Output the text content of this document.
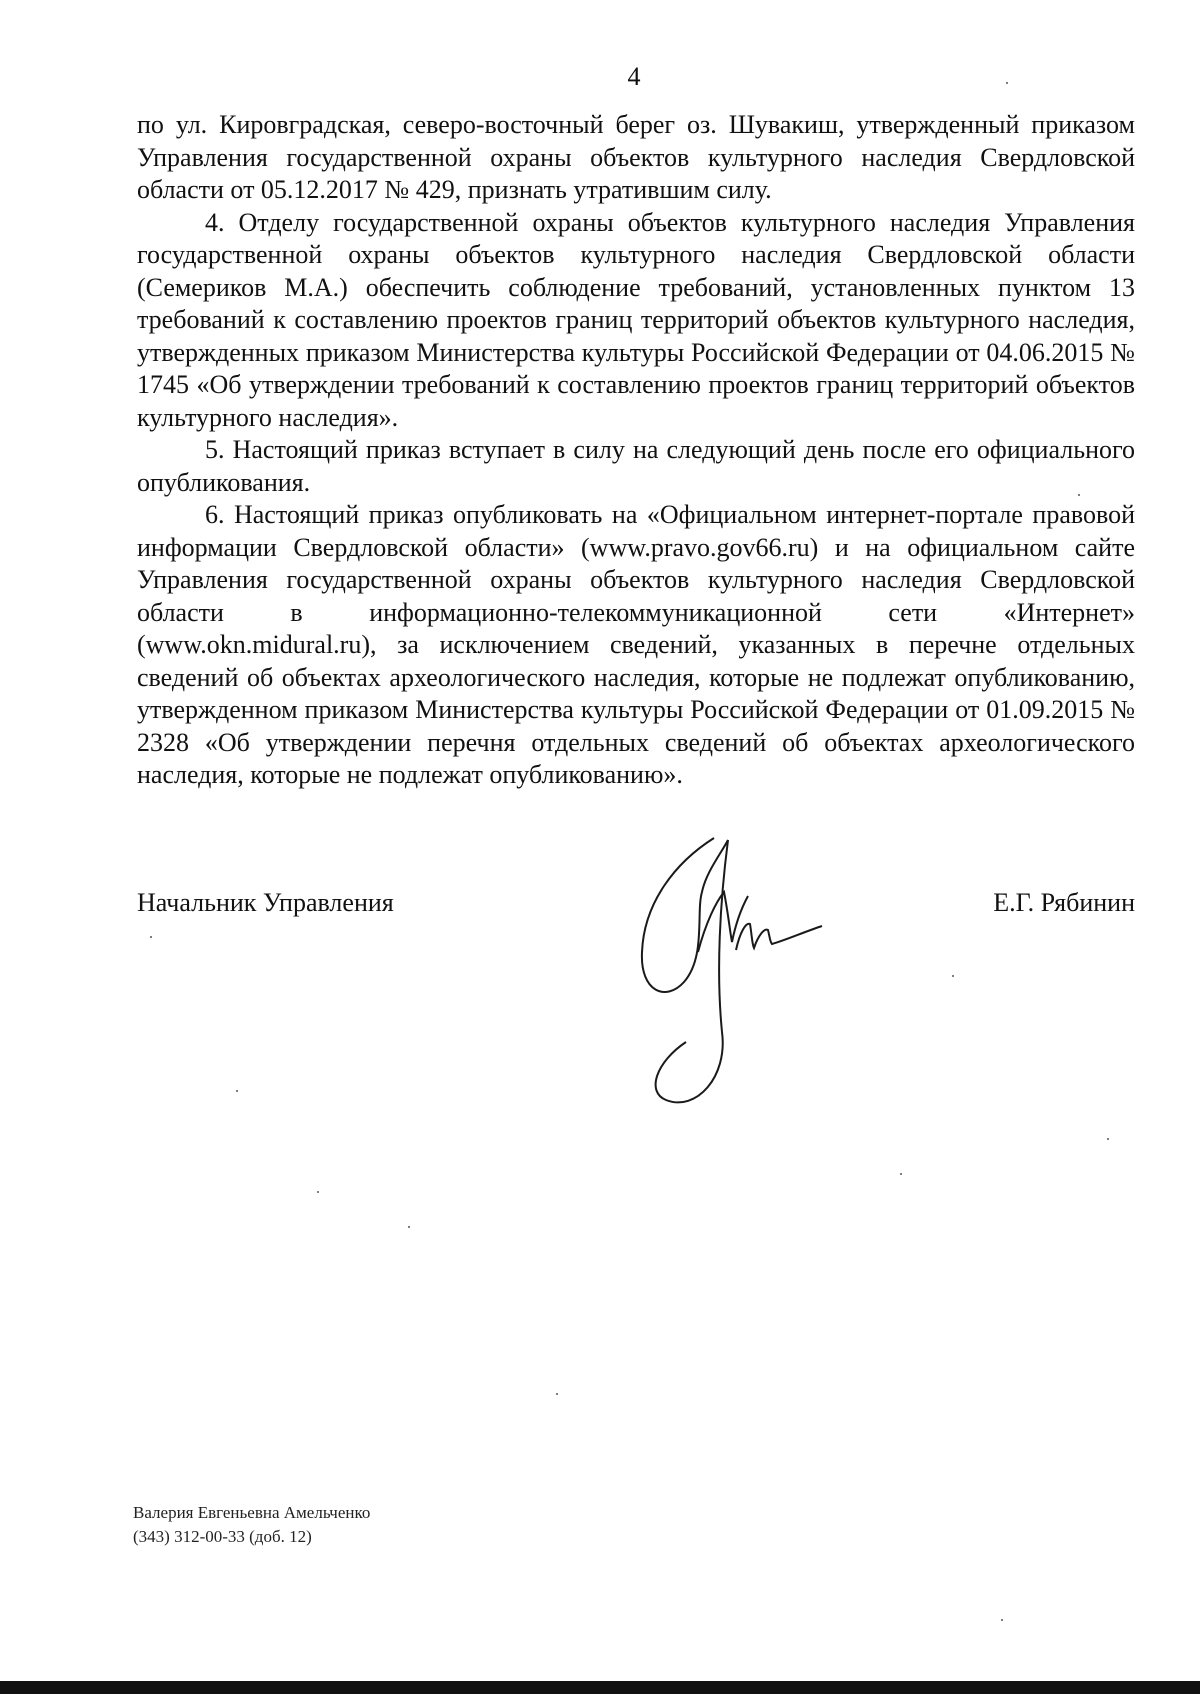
4

по ул. Кировградская, северо-восточный берег оз. Шувакиш, утвержденный приказом Управления государственной охраны объектов культурного наследия Свердловской области от 05.12.2017 № 429, признать утратившим силу.

4. Отделу государственной охраны объектов культурного наследия Управления государственной охраны объектов культурного наследия Свердловской области (Семериков М.А.) обеспечить соблюдение требований, установленных пунктом 13 требований к составлению проектов границ территорий объектов культурного наследия, утвержденных приказом Министерства культуры Российской Федерации от 04.06.2015 № 1745 «Об утверждении требований к составлению проектов границ территорий объектов культурного наследия».

5. Настоящий приказ вступает в силу на следующий день после его официального опубликования.

6. Настоящий приказ опубликовать на «Официальном интернет-портале правовой информации Свердловской области» (www.pravo.gov66.ru) и на официальном сайте Управления государственной охраны объектов культурного наследия Свердловской области в информационно-телекоммуникационной сети «Интернет» (www.okn.midural.ru), за исключением сведений, указанных в перечне отдельных сведений об объектах археологического наследия, которые не подлежат опубликованию, утвержденном приказом Министерства культуры Российской Федерации от 01.09.2015 № 2328 «Об утверждении перечня отдельных сведений об объектах археологического наследия, которые не подлежат опубликованию».

Начальник Управления	Е.Г. Рябинин
Валерия Евгеньевна Амельченко
(343) 312-00-33 (доб. 12)
